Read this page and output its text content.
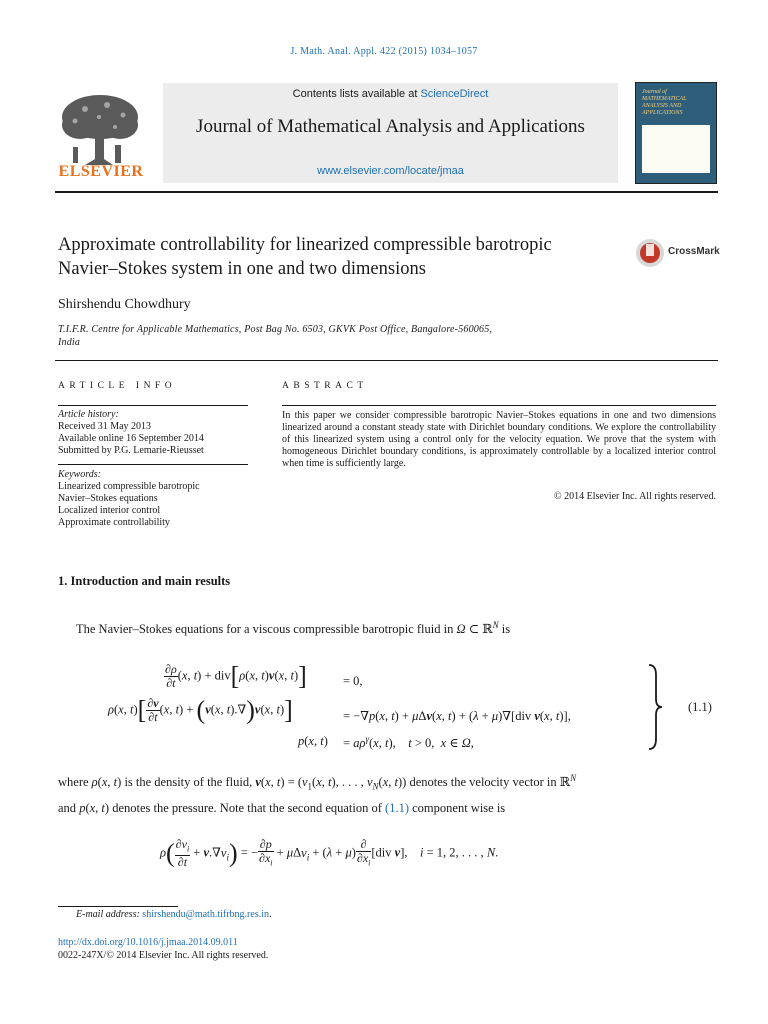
J. Math. Anal. Appl. 422 (2015) 1034–1057
Contents lists available at ScienceDirect
Journal of Mathematical Analysis and Applications
www.elsevier.com/locate/jmaa
ELSEVIER
Journal of MATHEMATICAL ANALYSIS AND APPLICATIONS
Approximate controllability for linearized compressible barotropic
Navier–Stokes system in one and two dimensions
CrossMark
Shirshendu Chowdhury
T.I.F.R. Centre for Applicable Mathematics, Post Bag No. 6503, GKVK Post Office, Bangalore-560065,
India
ARTICLE INFO
Article history:
Received 31 May 2013
Available online 16 September 2014
Submitted by P.G. Lemarie-Rieusset
Keywords:
Linearized compressible barotropic
Navier–Stokes equations
Localized interior control
Approximate controllability
ABSTRACT
In this paper we consider compressible barotropic Navier–Stokes equations in one and two dimensions linearized around a constant steady state with Dirichlet boundary conditions. We explore the controllability of this linearized system using a control only for the velocity equation. We prove that the system with homogeneous Dirichlet boundary conditions, is approximately controllable by a localized interior control when time is sufficiently large.
© 2014 Elsevier Inc. All rights reserved.
1. Introduction and main results
The Navier–Stokes equations for a viscous compressible barotropic fluid in Ω ⊂ ℝ$^N$ is
$\frac{\partial\rho}{\partial t} (x$, t) + div[ρ(x, t)v(x, t)]	= 0,
ρ(x, $t)[ \frac{\partial v}{\partial t} (x$, t) + (v(x, t).∇)v(x, t)]	= −∇p(x, t) + μΔv(x, t) + (λ + μ)∇[div v(x, t)],
p(x, $t) = a\rho^\gamma(x$, t),    t > 0,  x ∈ Ω,
(1.1)
where ρ(x, t) is the density of the fluid, v(x, $t) = (v_1(x$, t), . . . , $v_N(x$, t)) denotes the velocity vector in ℝ$^N$
and p(x, t) denotes the pressure. Note that the second equation of (1.1) component wise is
$\rho( \frac{\partial v_i}{\partial t} + v.\nabla v_i)$ = − $\frac{\partial p}{\partial x_i} + \mu\Delta v_i + (\lambda + \mu) \frac{\partial}{\partial x_i} [div$ v],    i = 1, 2, . . . , N.
E-mail address: shirshendu@math.tifrbng.res.in.
http://dx.doi.org/10.1016/j.jmaa.2014.09.011
0022-247X/© 2014 Elsevier Inc. All rights reserved.
